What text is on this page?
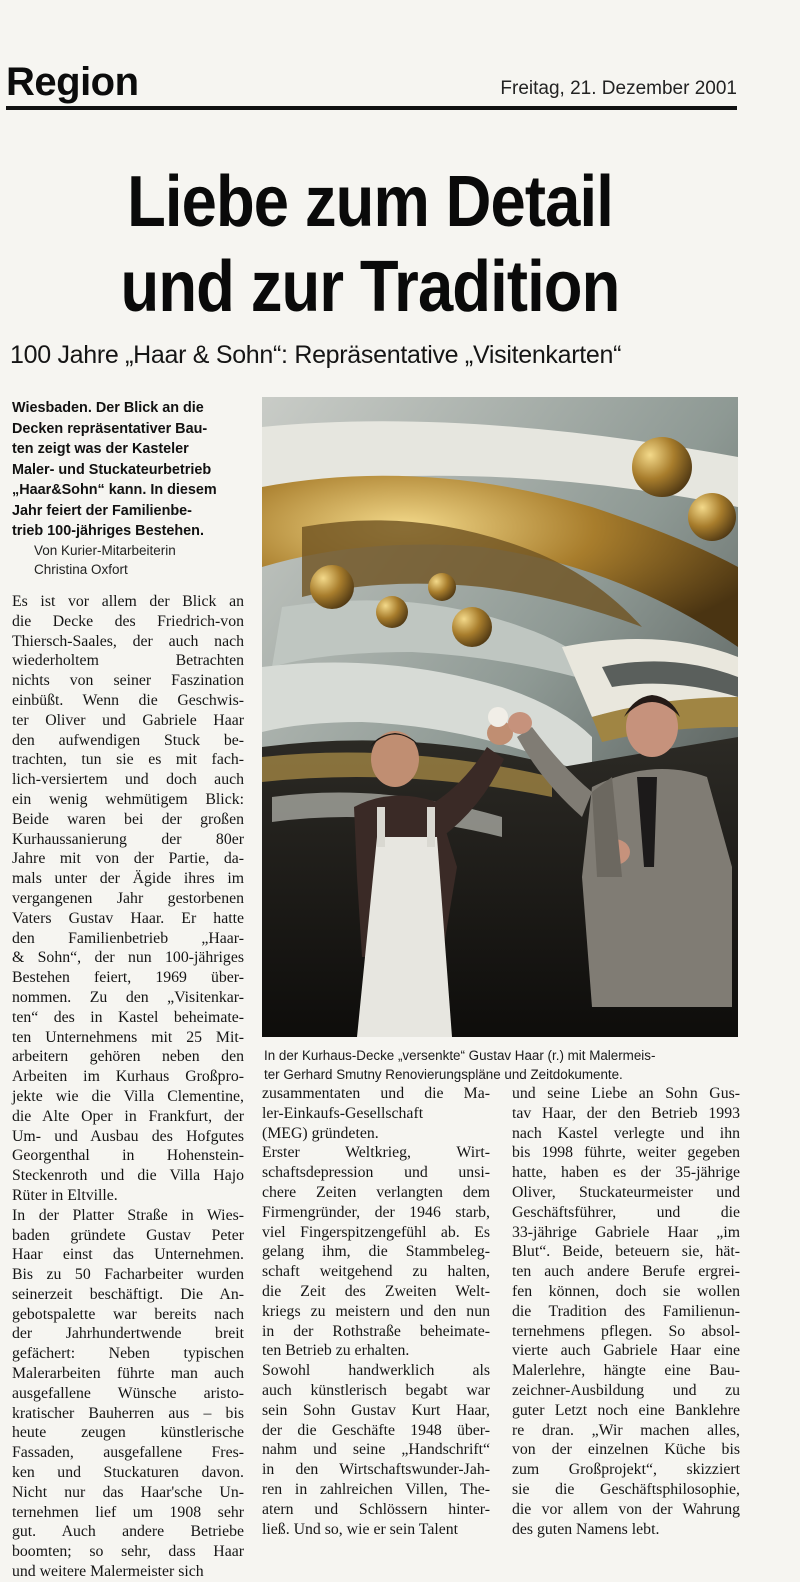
Region	Freitag, 21. Dezember 2001
Liebe zum Detail
und zur Tradition
100 Jahre „Haar & Sohn“: Repräsentative „Visitenkarten“
Wiesbaden. Der Blick an die
Decken repräsentativer Bau-
ten zeigt was der Kasteler
Maler- und Stuckateurbetrieb
„Haar&Sohn“ kann. In diesem
Jahr feiert der Familienbe-
trieb 100-jähriges Bestehen.
Von Kurier-Mitarbeiterin
Christina Oxfort
Es ist vor allem der Blick an
die Decke des Friedrich-von
Thiersch-Saales, der auch nach
wiederholtem Betrachten
nichts von seiner Faszination
einbüßt. Wenn die Geschwis-
ter Oliver und Gabriele Haar
den aufwendigen Stuck be-
trachten, tun sie es mit fach-
lich-versiertem und doch auch
ein wenig wehmütigem Blick:
Beide waren bei der großen
Kurhaussanierung der 80er
Jahre mit von der Partie, da-
mals unter der Ägide ihres im
vergangenen Jahr gestorbenen
Vaters Gustav Haar. Er hatte
den Familienbetrieb „Haar-
& Sohn“, der nun 100-jähriges
Bestehen feiert, 1969 über-
nommen. Zu den „Visitenkar-
ten“ des in Kastel beheimate-
ten Unternehmens mit 25 Mit-
arbeitern gehören neben den
Arbeiten im Kurhaus Großpro-
jekte wie die Villa Clementine,
die Alte Oper in Frankfurt, der
Um- und Ausbau des Hofgutes
Georgenthal in Hohenstein-
Steckenroth und die Villa Hajo
Rüter in Eltville.
In der Platter Straße in Wies-
baden gründete Gustav Peter
Haar einst das Unternehmen.
Bis zu 50 Facharbeiter wurden
seinerzeit beschäftigt. Die An-
gebotspalette war bereits nach
der Jahrhundertwende breit
gefächert: Neben typischen
Malerarbeiten führte man auch
ausgefallene Wünsche aristo-
kratischer Bauherren aus – bis
heute zeugen künstlerische
Fassaden, ausgefallene Fres-
ken und Stuckaturen davon.
Nicht nur das Haar'sche Un-
ternehmen lief um 1908 sehr
gut. Auch andere Betriebe
boomten; so sehr, dass Haar
und weitere Malermeister sich
In der Kurhaus-Decke „versenkte“ Gustav Haar (r.) mit Malermeis-
ter Gerhard Smutny Renovierungspläne und Zeitdokumente.
zusammentaten und die Ma-
ler-Einkaufs-Gesellschaft
(MEG) gründeten.
Erster Weltkrieg, Wirt-
schaftsdepression und unsi-
chere Zeiten verlangten dem
Firmengründer, der 1946 starb,
viel Fingerspitzengefühl ab. Es
gelang ihm, die Stammbeleg-
schaft weitgehend zu halten,
die Zeit des Zweiten Welt-
kriegs zu meistern und den nun
in der Rothstraße beheimate-
ten Betrieb zu erhalten.
Sowohl handwerklich als
auch künstlerisch begabt war
sein Sohn Gustav Kurt Haar,
der die Geschäfte 1948 über-
nahm und seine „Handschrift“
in den Wirtschaftswunder-Jah-
ren in zahlreichen Villen, The-
atern und Schlössern hinter-
ließ. Und so, wie er sein Talent
und seine Liebe an Sohn Gus-
tav Haar, der den Betrieb 1993
nach Kastel verlegte und ihn
bis 1998 führte, weiter gegeben
hatte, haben es der 35-jährige
Oliver, Stuckateurmeister und
Geschäftsführer, und die
33-jährige Gabriele Haar „im
Blut“. Beide, beteuern sie, hät-
ten auch andere Berufe ergrei-
fen können, doch sie wollen
die Tradition des Familienun-
ternehmens pflegen. So absol-
vierte auch Gabriele Haar eine
Malerlehre, hängte eine Bau-
zeichner-Ausbildung und zu
guter Letzt noch eine Banklehre
re dran. „Wir machen alles,
von der einzelnen Küche bis
zum Großprojekt“, skizziert
sie die Geschäftsphilosophie,
die vor allem von der Wahrung
des guten Namens lebt.
